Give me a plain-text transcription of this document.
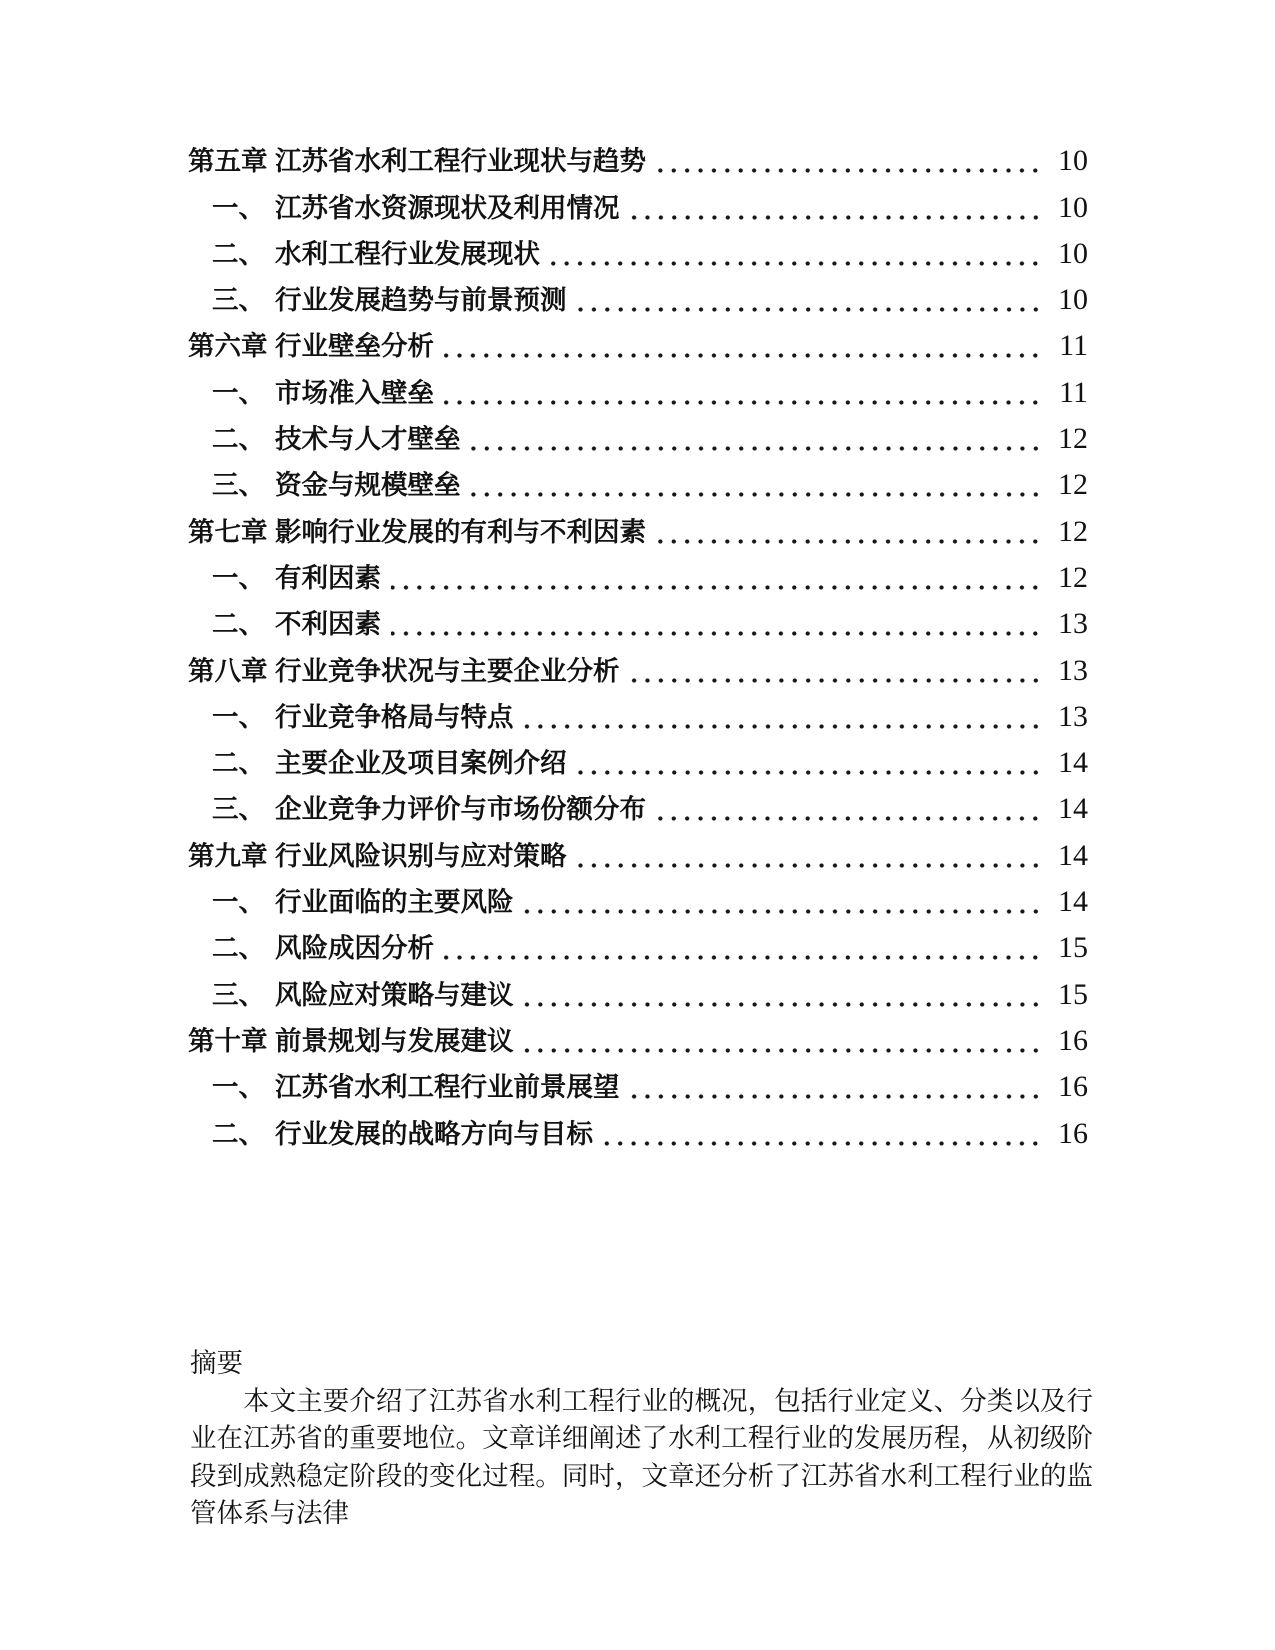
第五章 江苏省水利工程行业现状与趋势	10
一、 江苏省水资源现状及利用情况	10
二、 水利工程行业发展现状	10
三、 行业发展趋势与前景预测	10
第六章 行业壁垒分析	11
一、 市场准入壁垒	11
二、 技术与人才壁垒	12
三、 资金与规模壁垒	12
第七章 影响行业发展的有利与不利因素	12
一、 有利因素	12
二、 不利因素	13
第八章 行业竞争状况与主要企业分析	13
一、 行业竞争格局与特点	13
二、 主要企业及项目案例介绍	14
三、 企业竞争力评价与市场份额分布	14
第九章 行业风险识别与应对策略	14
一、 行业面临的主要风险	14
二、 风险成因分析	15
三、 风险应对策略与建议	15
第十章 前景规划与发展建议	16
一、 江苏省水利工程行业前景展望	16
二、 行业发展的战略方向与目标	16

摘要

本文主要介绍了江苏省水利工程行业的概况，包括行业定义、分类以及行业在江苏省的重要地位。文章详细阐述了水利工程行业的发展历程，从初级阶段到成熟稳定阶段的变化过程。同时，文章还分析了江苏省水利工程行业的监管体系与法律
